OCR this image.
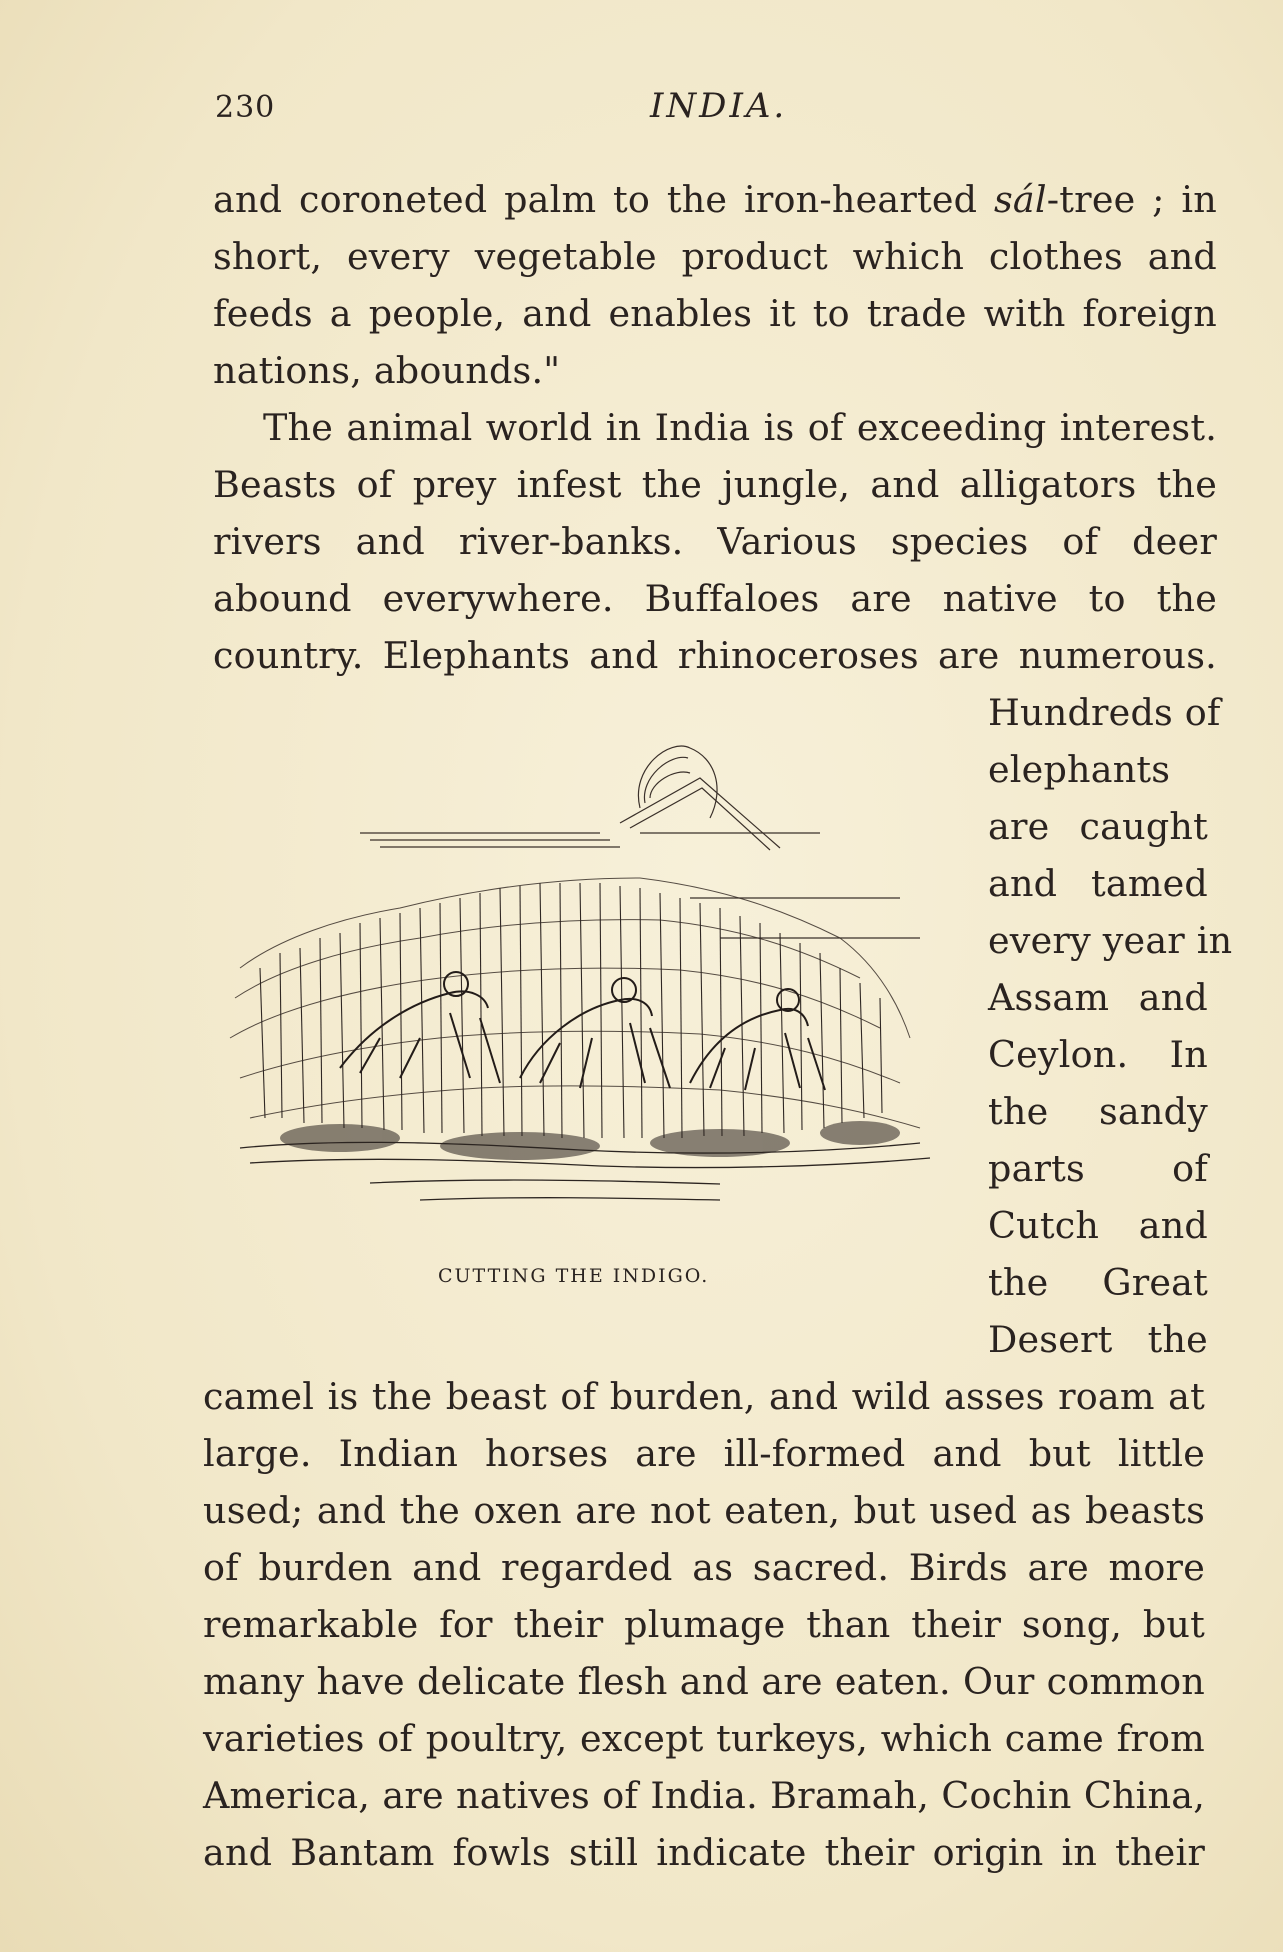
230	INDIA.
and coroneted palm to the iron-hearted sál-tree ; in
short, every vegetable product which clothes and
feeds a people, and enables it to trade with foreign
nations, abounds."
The animal world in India is of exceeding interest.
Beasts of prey infest the jungle, and alligators the
rivers and river-banks. Various species of deer
abound everywhere. Buffaloes are native to the
country. Elephants and rhinoceroses are numerous.
Hundreds of
elephants
are caught
and tamed
every year in
Assam and
Ceylon. In
the sandy
parts of
Cutch and
the Great
Desert the
CUTTING THE INDIGO.
camel is the beast of burden, and wild asses roam at
large. Indian horses are ill-formed and but little
used; and the oxen are not eaten, but used as beasts
of burden and regarded as sacred. Birds are more
remarkable for their plumage than their song, but
many have delicate flesh and are eaten. Our common
varieties of poultry, except turkeys, which came from
America, are natives of India. Bramah, Cochin China,
and Bantam fowls still indicate their origin in their
